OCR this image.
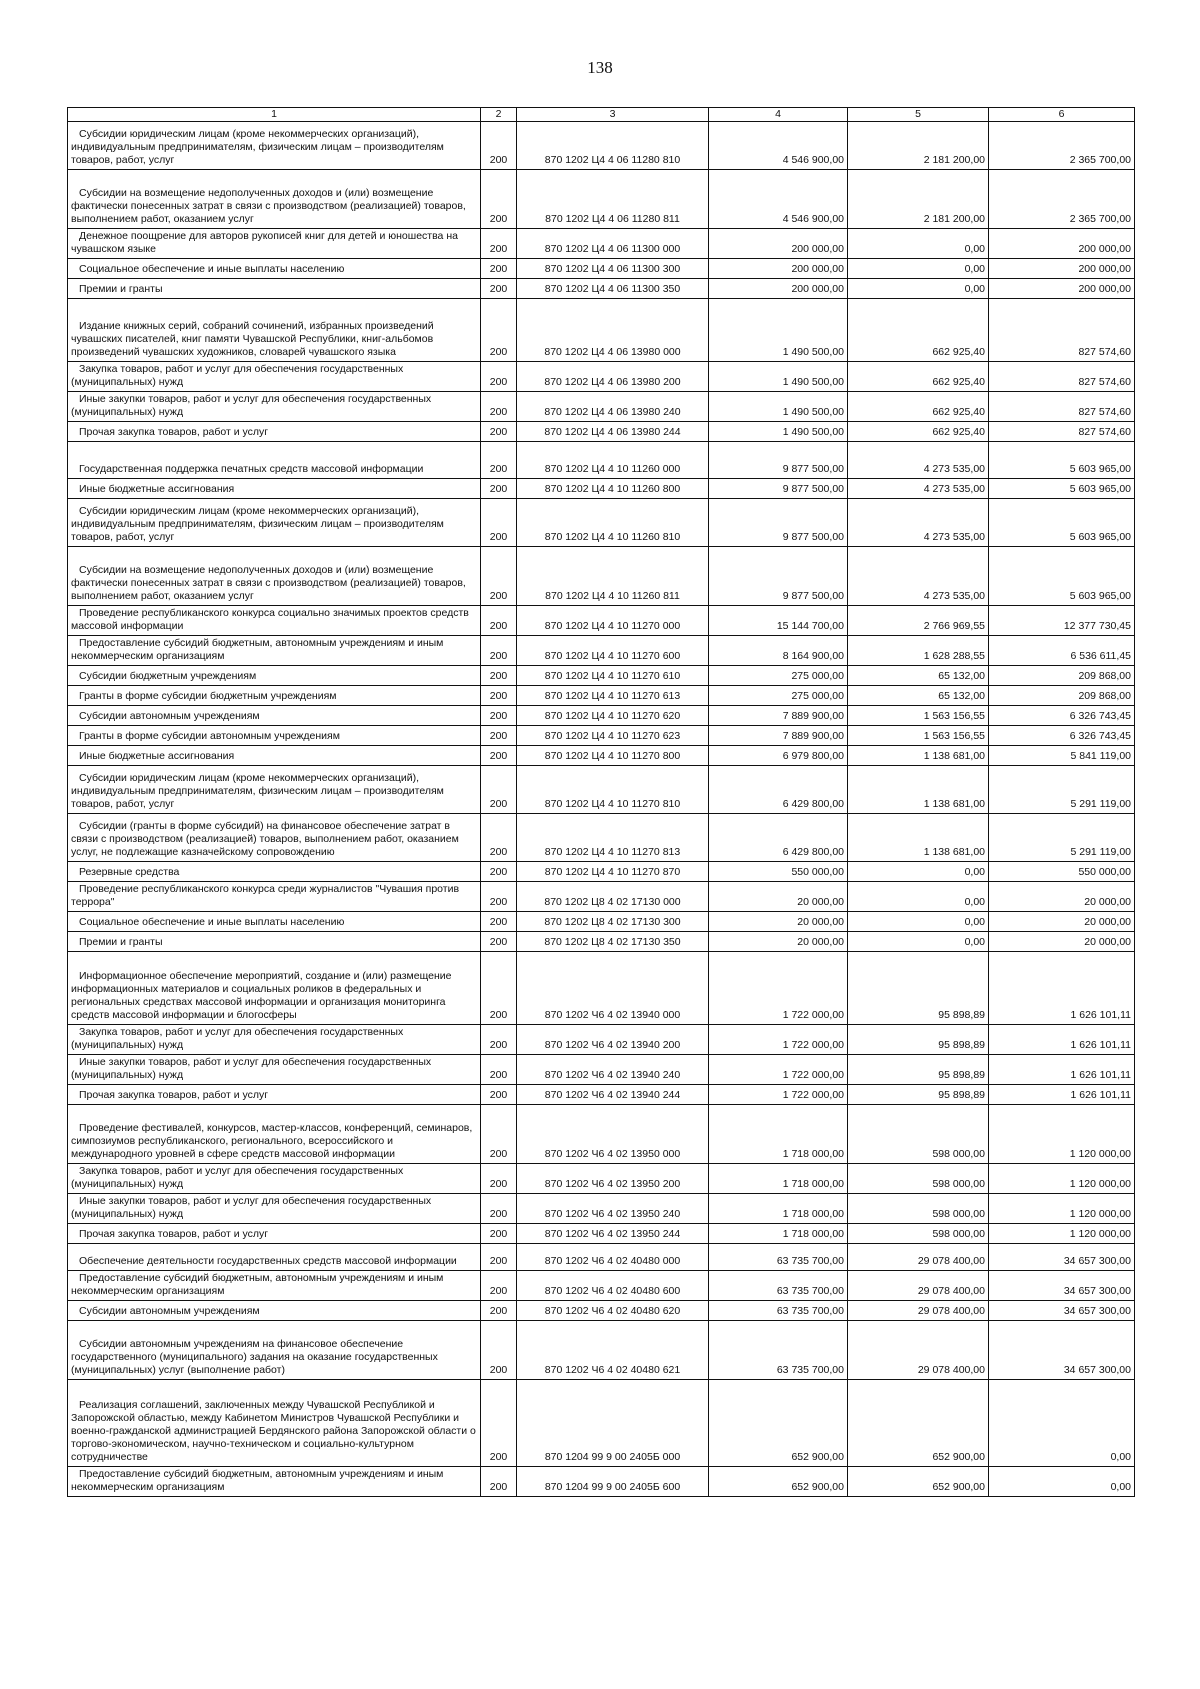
138
1	2	3	4	5	6

Субсидии юридическим лицам (кроме некоммерческих организаций), индивидуальным предпринимателям, физическим лицам – производителям товаров, работ, услуг	200	870 1202 Ц4 4 06 11280 810	4 546 900,00	2 181 200,00	2 365 700,00

Субсидии на возмещение недополученных доходов и (или) возмещение фактически понесенных затрат в связи с производством (реализацией) товаров, выполнением работ, оказанием услуг	200	870 1202 Ц4 4 06 11280 811	4 546 900,00	2 181 200,00	2 365 700,00

Денежное поощрение для авторов рукописей книг для детей и юношества на чувашском языке	200	870 1202 Ц4 4 06 11300 000	200 000,00	0,00	200 000,00

Социальное обеспечение и иные выплаты населению	200	870 1202 Ц4 4 06 11300 300	200 000,00	0,00	200 000,00

Премии и гранты	200	870 1202 Ц4 4 06 11300 350	200 000,00	0,00	200 000,00

Издание книжных серий, собраний сочинений, избранных произведений чувашских писателей, книг памяти Чувашской Республики, книг-альбомов произведений чувашских художников, словарей чувашского языка	200	870 1202 Ц4 4 06 13980 000	1 490 500,00	662 925,40	827 574,60

Закупка товаров, работ и услуг для обеспечения государственных (муниципальных) нужд	200	870 1202 Ц4 4 06 13980 200	1 490 500,00	662 925,40	827 574,60

Иные закупки товаров, работ и услуг для обеспечения государственных (муниципальных) нужд	200	870 1202 Ц4 4 06 13980 240	1 490 500,00	662 925,40	827 574,60

Прочая закупка товаров, работ и услуг	200	870 1202 Ц4 4 06 13980 244	1 490 500,00	662 925,40	827 574,60

Государственная поддержка печатных средств массовой информации	200	870 1202 Ц4 4 10 11260 000	9 877 500,00	4 273 535,00	5 603 965,00

Иные бюджетные ассигнования	200	870 1202 Ц4 4 10 11260 800	9 877 500,00	4 273 535,00	5 603 965,00

Субсидии юридическим лицам (кроме некоммерческих организаций), индивидуальным предпринимателям, физическим лицам – производителям товаров, работ, услуг	200	870 1202 Ц4 4 10 11260 810	9 877 500,00	4 273 535,00	5 603 965,00

Субсидии на возмещение недополученных доходов и (или) возмещение фактически понесенных затрат в связи с производством (реализацией) товаров, выполнением работ, оказанием услуг	200	870 1202 Ц4 4 10 11260 811	9 877 500,00	4 273 535,00	5 603 965,00

Проведение республиканского конкурса социально значимых проектов средств массовой информации	200	870 1202 Ц4 4 10 11270 000	15 144 700,00	2 766 969,55	12 377 730,45

Предоставление субсидий бюджетным, автономным учреждениям и иным некоммерческим организациям	200	870 1202 Ц4 4 10 11270 600	8 164 900,00	1 628 288,55	6 536 611,45

Субсидии бюджетным учреждениям	200	870 1202 Ц4 4 10 11270 610	275 000,00	65 132,00	209 868,00

Гранты в форме субсидии бюджетным учреждениям	200	870 1202 Ц4 4 10 11270 613	275 000,00	65 132,00	209 868,00

Субсидии автономным учреждениям	200	870 1202 Ц4 4 10 11270 620	7 889 900,00	1 563 156,55	6 326 743,45

Гранты в форме субсидии автономным учреждениям	200	870 1202 Ц4 4 10 11270 623	7 889 900,00	1 563 156,55	6 326 743,45

Иные бюджетные ассигнования	200	870 1202 Ц4 4 10 11270 800	6 979 800,00	1 138 681,00	5 841 119,00

Субсидии юридическим лицам (кроме некоммерческих организаций), индивидуальным предпринимателям, физическим лицам – производителям товаров, работ, услуг	200	870 1202 Ц4 4 10 11270 810	6 429 800,00	1 138 681,00	5 291 119,00

Субсидии (гранты в форме субсидий) на финансовое обеспечение затрат в связи с производством (реализацией) товаров, выполнением работ, оказанием услуг, не подлежащие казначейскому сопровождению	200	870 1202 Ц4 4 10 11270 813	6 429 800,00	1 138 681,00	5 291 119,00

Резервные средства	200	870 1202 Ц4 4 10 11270 870	550 000,00	0,00	550 000,00

Проведение республиканского конкурса среди журналистов "Чувашия против террора"	200	870 1202 Ц8 4 02 17130 000	20 000,00	0,00	20 000,00

Социальное обеспечение и иные выплаты населению	200	870 1202 Ц8 4 02 17130 300	20 000,00	0,00	20 000,00

Премии и гранты	200	870 1202 Ц8 4 02 17130 350	20 000,00	0,00	20 000,00

Информационное обеспечение мероприятий, создание и (или) размещение информационных материалов и социальных роликов в федеральных и региональных средствах массовой информации и организация мониторинга средств массовой информации и блогосферы	200	870 1202 Ч6 4 02 13940 000	1 722 000,00	95 898,89	1 626 101,11

Закупка товаров, работ и услуг для обеспечения государственных (муниципальных) нужд	200	870 1202 Ч6 4 02 13940 200	1 722 000,00	95 898,89	1 626 101,11

Иные закупки товаров, работ и услуг для обеспечения государственных (муниципальных) нужд	200	870 1202 Ч6 4 02 13940 240	1 722 000,00	95 898,89	1 626 101,11

Прочая закупка товаров, работ и услуг	200	870 1202 Ч6 4 02 13940 244	1 722 000,00	95 898,89	1 626 101,11

Проведение фестивалей, конкурсов, мастер-классов, конференций, семинаров, симпозиумов республиканского, регионального, всероссийского и международного уровней в сфере средств массовой информации	200	870 1202 Ч6 4 02 13950 000	1 718 000,00	598 000,00	1 120 000,00

Закупка товаров, работ и услуг для обеспечения государственных (муниципальных) нужд	200	870 1202 Ч6 4 02 13950 200	1 718 000,00	598 000,00	1 120 000,00

Иные закупки товаров, работ и услуг для обеспечения государственных (муниципальных) нужд	200	870 1202 Ч6 4 02 13950 240	1 718 000,00	598 000,00	1 120 000,00

Прочая закупка товаров, работ и услуг	200	870 1202 Ч6 4 02 13950 244	1 718 000,00	598 000,00	1 120 000,00

Обеспечение деятельности государственных средств массовой информации	200	870 1202 Ч6 4 02 40480 000	63 735 700,00	29 078 400,00	34 657 300,00

Предоставление субсидий бюджетным, автономным учреждениям и иным некоммерческим организациям	200	870 1202 Ч6 4 02 40480 600	63 735 700,00	29 078 400,00	34 657 300,00

Субсидии автономным учреждениям	200	870 1202 Ч6 4 02 40480 620	63 735 700,00	29 078 400,00	34 657 300,00

Субсидии автономным учреждениям на финансовое обеспечение государственного (муниципального) задания на оказание государственных (муниципальных) услуг (выполнение работ)	200	870 1202 Ч6 4 02 40480 621	63 735 700,00	29 078 400,00	34 657 300,00

Реализация соглашений, заключенных между Чувашской Республикой и Запорожской областью, между Кабинетом Министров Чувашской Республики и военно-гражданской администрацией Бердянского района Запорожской области о торгово-экономическом, научно-техническом и социально-культурном сотрудничестве	200	870 1204 99 9 00 2405Б 000	652 900,00	652 900,00	0,00

Предоставление субсидий бюджетным, автономным учреждениям и иным некоммерческим организациям	200	870 1204 99 9 00 2405Б 600	652 900,00	652 900,00	0,00
